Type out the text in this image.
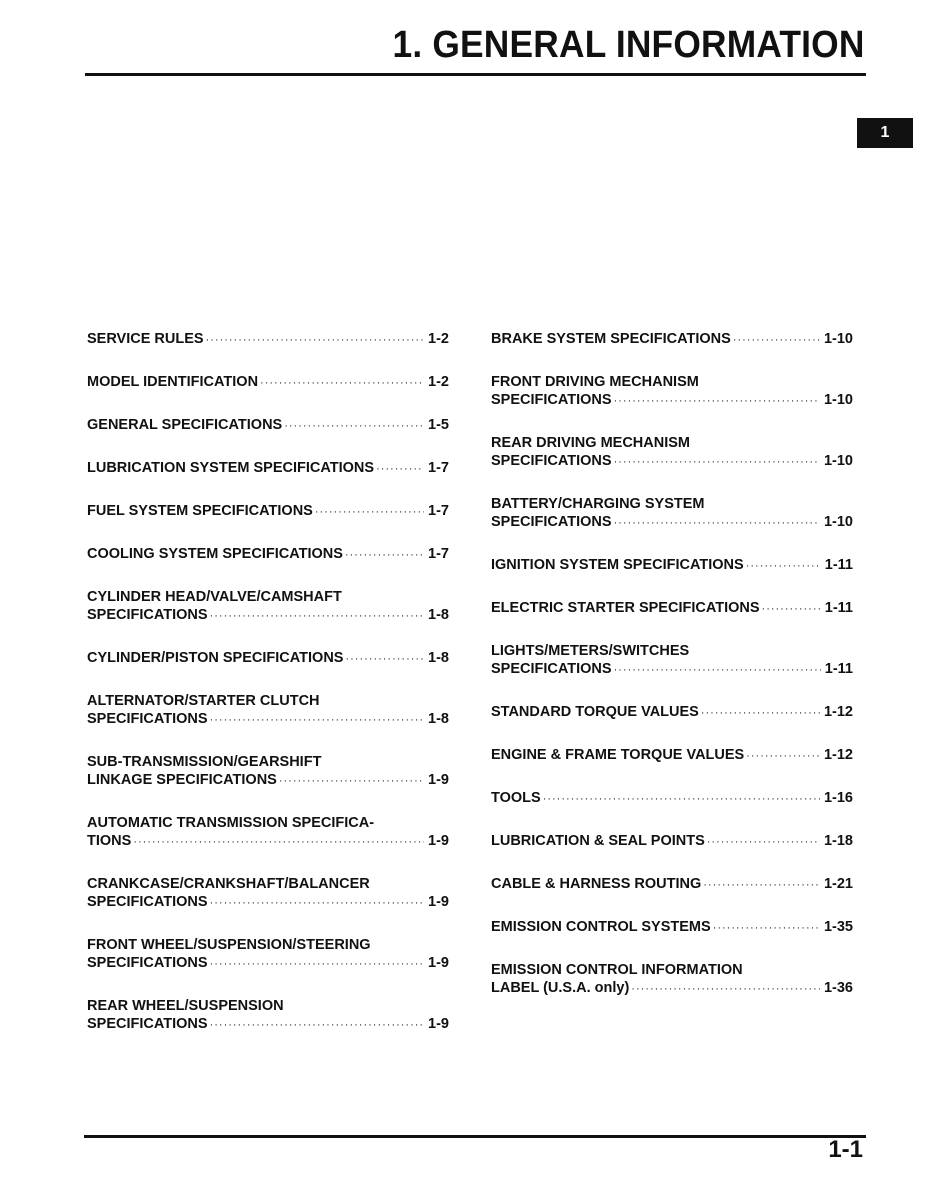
1. GENERAL INFORMATION
1
SERVICE RULES ·····	1-2
MODEL IDENTIFICATION ·····	1-2
GENERAL SPECIFICATIONS ·····	1-5
LUBRICATION SYSTEM SPECIFICATIONS ·····	1-7
FUEL SYSTEM SPECIFICATIONS ·····	1-7
COOLING SYSTEM SPECIFICATIONS ·····	1-7
CYLINDER HEAD/VALVE/CAMSHAFT
SPECIFICATIONS ·····	1-8
CYLINDER/PISTON SPECIFICATIONS ·····	1-8
ALTERNATOR/STARTER CLUTCH
SPECIFICATIONS ·····	1-8
SUB-TRANSMISSION/GEARSHIFT
LINKAGE SPECIFICATIONS ·····	1-9
AUTOMATIC TRANSMISSION SPECIFICA-
TIONS ·····	1-9
CRANKCASE/CRANKSHAFT/BALANCER
SPECIFICATIONS ·····	1-9
FRONT WHEEL/SUSPENSION/STEERING
SPECIFICATIONS ·····	1-9
REAR WHEEL/SUSPENSION
SPECIFICATIONS ·····	1-9
BRAKE SYSTEM SPECIFICATIONS ·····	1-10
FRONT DRIVING MECHANISM
SPECIFICATIONS ·····	1-10
REAR DRIVING MECHANISM
SPECIFICATIONS ·····	1-10
BATTERY/CHARGING SYSTEM
SPECIFICATIONS ·····	1-10
IGNITION SYSTEM SPECIFICATIONS ·····	1-11
ELECTRIC STARTER SPECIFICATIONS ·····	1-11
LIGHTS/METERS/SWITCHES
SPECIFICATIONS ·····	1-11
STANDARD TORQUE VALUES ·····	1-12
ENGINE & FRAME TORQUE VALUES ·····	1-12
TOOLS ·····	1-16
LUBRICATION & SEAL POINTS ·····	1-18
CABLE & HARNESS ROUTING ·····	1-21
EMISSION CONTROL SYSTEMS ·····	1-35
EMISSION CONTROL INFORMATION
LABEL (U.S.A. only) ·····	1-36
1-1
